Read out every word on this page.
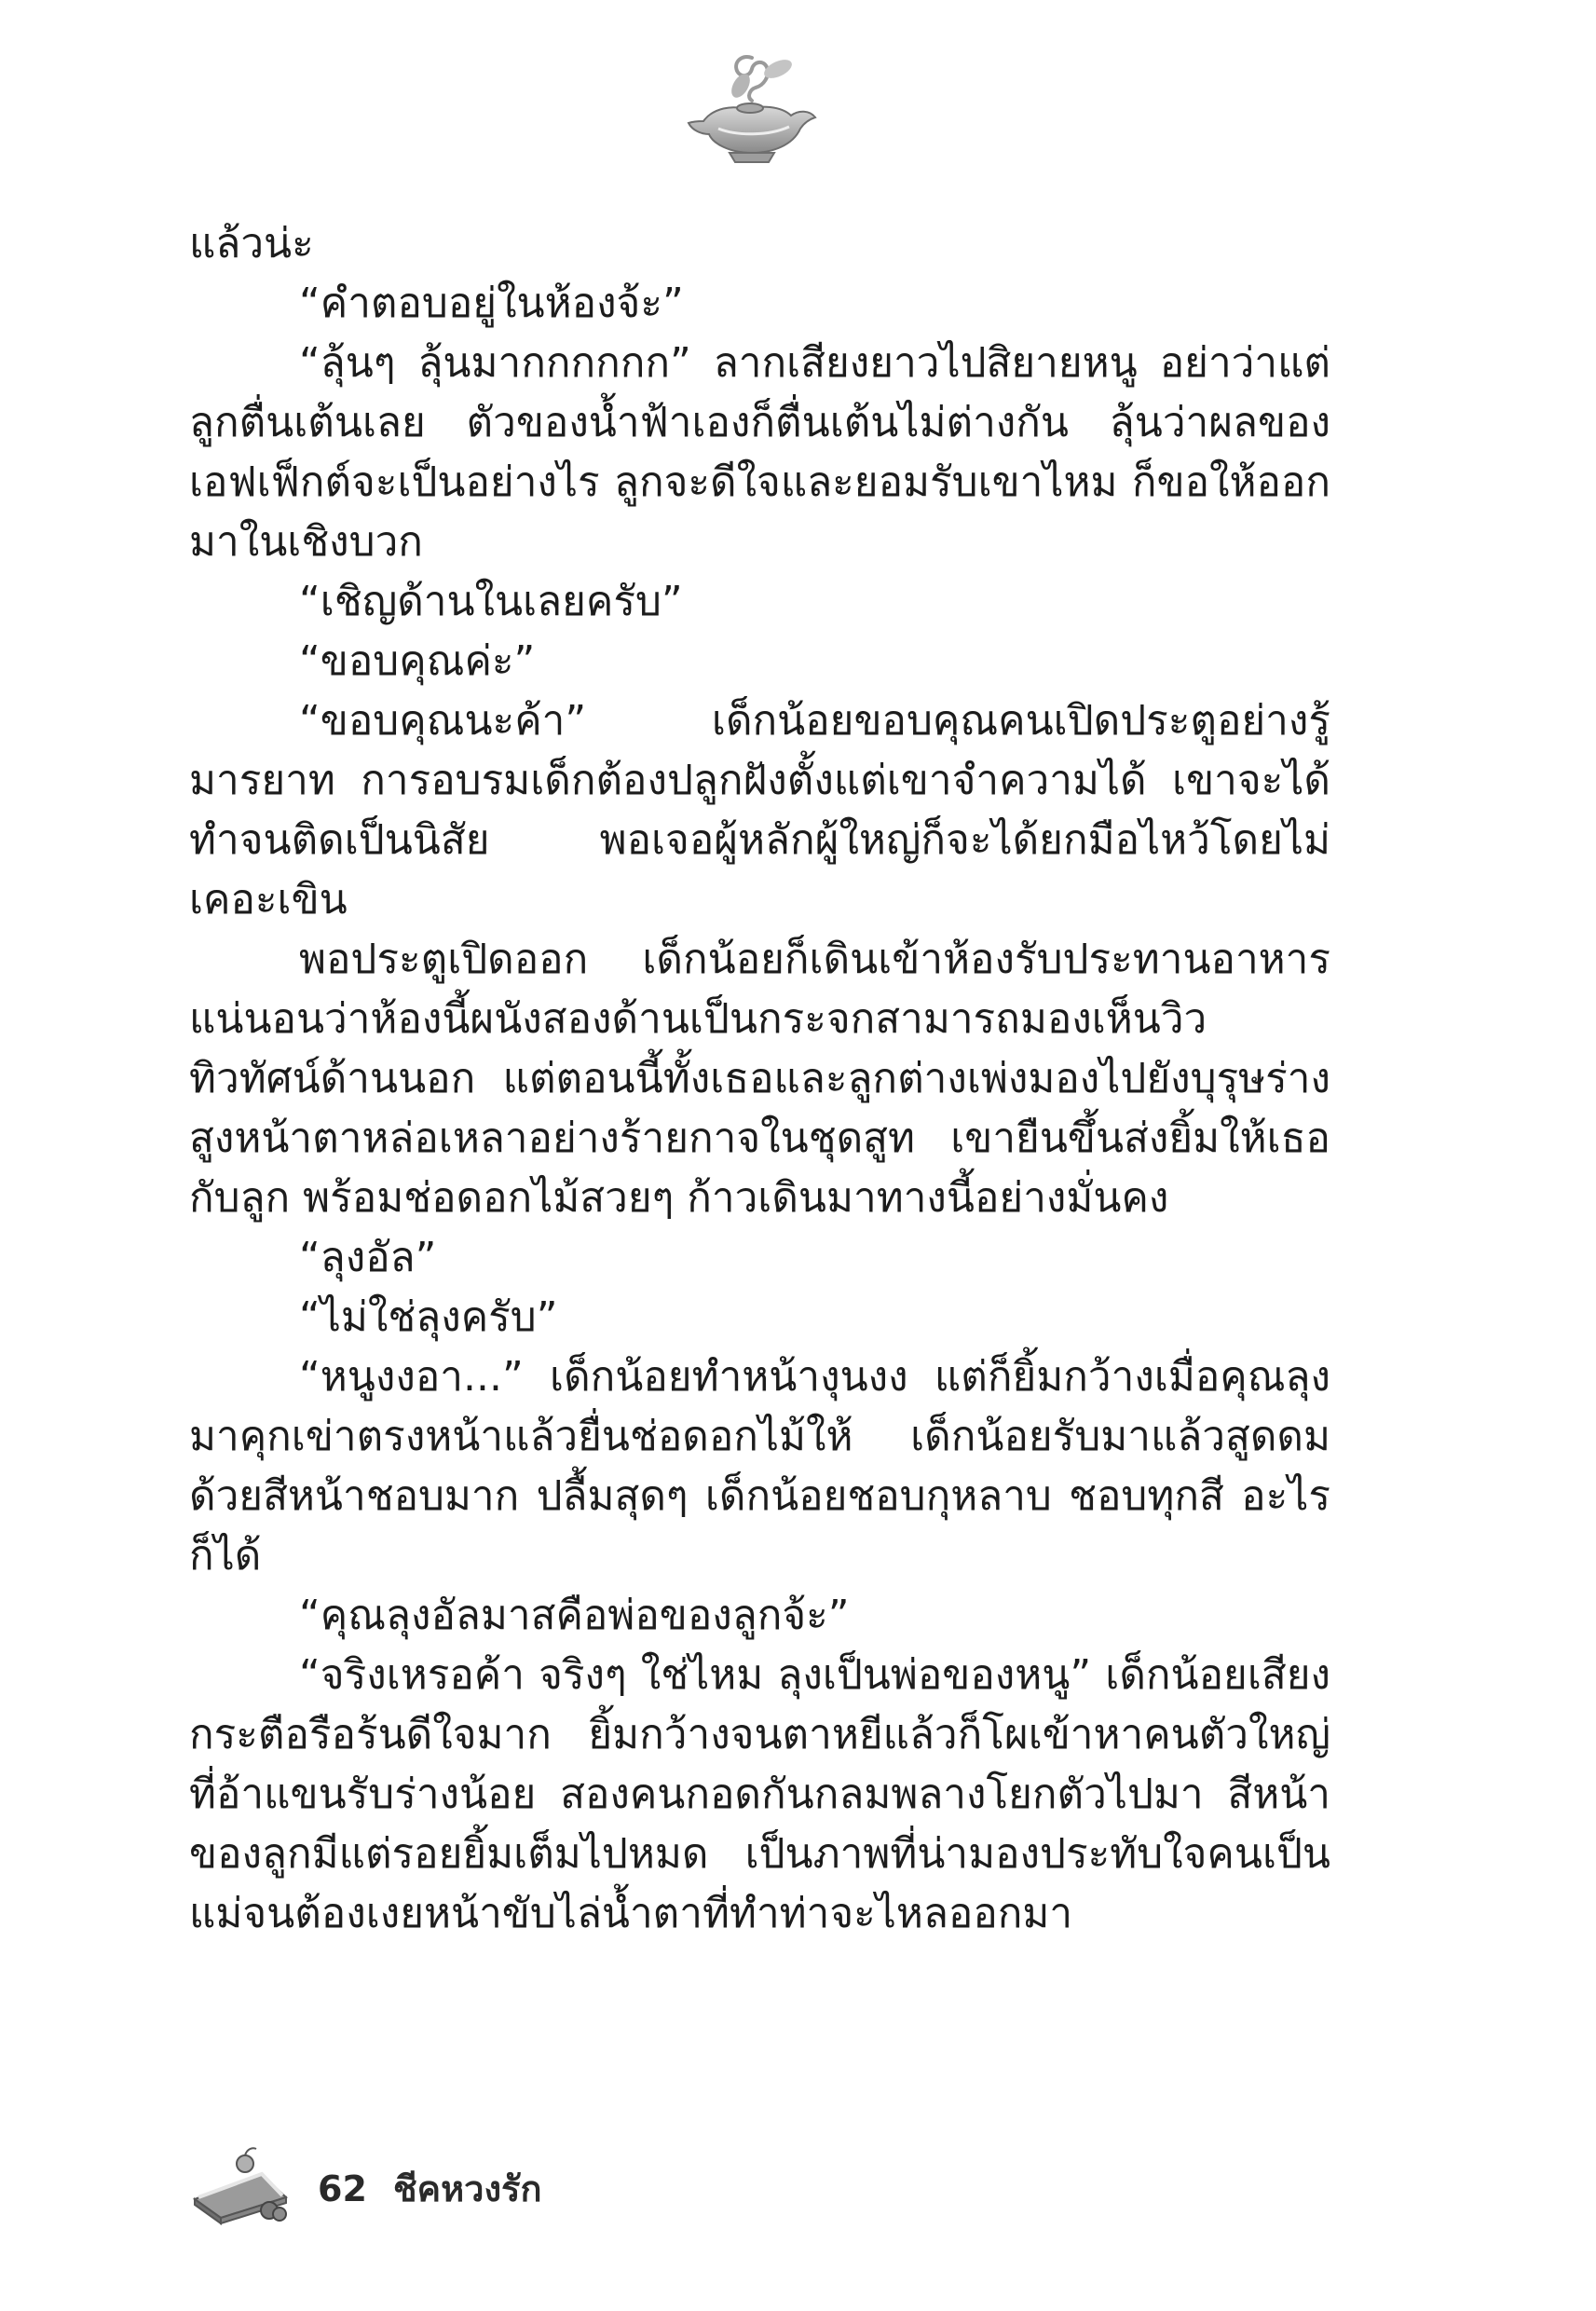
แล้วน่ะ

“คำตอบอยู่ในห้องจ้ะ”

“ลุ้นๆ ลุ้นมากกกกกก” ลากเสียงยาวไปสิยายหนู อย่าว่าแต่ลูกตื่นเต้นเลย ตัวของน้ำฟ้าเองก็ตื่นเต้นไม่ต่างกัน ลุ้นว่าผลของเอฟเฟ็กต์จะเป็นอย่างไร ลูกจะดีใจและยอมรับเขาไหม ก็ขอให้ออกมาในเชิงบวก

“เชิญด้านในเลยครับ”

“ขอบคุณค่ะ”

“ขอบคุณนะค้า” เด็กน้อยขอบคุณคนเปิดประตูอย่างรู้มารยาท การอบรมเด็กต้องปลูกฝังตั้งแต่เขาจำความได้ เขาจะได้ทำจนติดเป็นนิสัย พอเจอผู้หลักผู้ใหญ่ก็จะได้ยกมือไหว้โดยไม่เคอะเขิน

พอประตูเปิดออก เด็กน้อยก็เดินเข้าห้องรับประทานอาหาร แน่นอนว่าห้องนี้ผนังสองด้านเป็นกระจกสามารถมองเห็นวิวทิวทัศน์ด้านนอก แต่ตอนนี้ทั้งเธอและลูกต่างเพ่งมองไปยังบุรุษร่างสูงหน้าตาหล่อเหลาอย่างร้ายกาจในชุดสูท เขายืนขึ้นส่งยิ้มให้เธอกับลูก พร้อมช่อดอกไม้สวยๆ ก้าวเดินมาทางนี้อย่างมั่นคง

“ลุงอัล”

“ไม่ใช่ลุงครับ”

“หนูงงอา...” เด็กน้อยทำหน้างุนงง แต่ก็ยิ้มกว้างเมื่อคุณลุงมาคุกเข่าตรงหน้าแล้วยื่นช่อดอกไม้ให้ เด็กน้อยรับมาแล้วสูดดมด้วยสีหน้าชอบมาก ปลื้มสุดๆ เด็กน้อยชอบกุหลาบ ชอบทุกสี อะไรก็ได้

“คุณลุงอัลมาสคือพ่อของลูกจ้ะ”

“จริงเหรอค้า จริงๆ ใช่ไหม ลุงเป็นพ่อของหนู” เด็กน้อยเสียงกระตือรือร้นดีใจมาก ยิ้มกว้างจนตาหยีแล้วก็โผเข้าหาคนตัวใหญ่ที่อ้าแขนรับร่างน้อย สองคนกอดกันกลมพลางโยกตัวไปมา สีหน้าของลูกมีแต่รอยยิ้มเต็มไปหมด เป็นภาพที่น่ามองประทับใจคนเป็นแม่จนต้องเงยหน้าขับไล่น้ำตาที่ทำท่าจะไหลออกมา

62 ชีคหวงรัก
